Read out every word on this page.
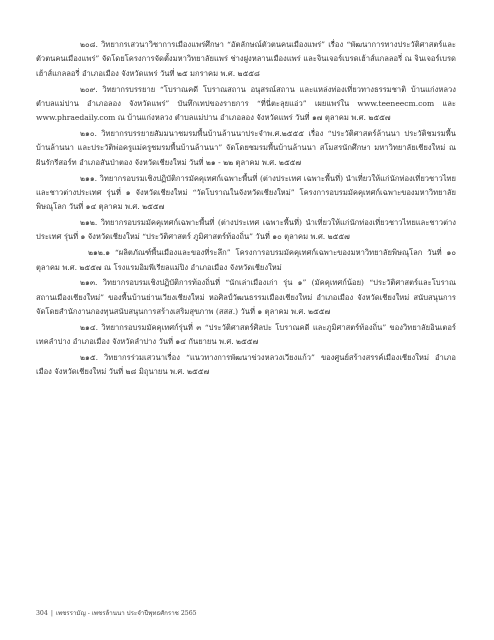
๒๐๘. วิทยากรเสวนาวิชาการเมืองแพร่ศึกษา “อัตลักษณ์ตัวตนคนเมืองแพร่” เรื่อง “พัฒนาการทางประวัติศาสตร์และตัวตนคนเมืองแพร่” จัดโดยโครงการจัดตั้งมหาวิทยาลัยแพร่ ช่างฝูงหลานเมืองแพร่ และจินเจอร์เบรดเฮ้าส์แกลลอรี่ ณ จินเจอร์เบรดเฮ้าส์แกลลอรี่ อำเภอเมือง จังหวัดแพร่ วันที่ ๒๕ มกราคม พ.ศ. ๒๕๕๘

๒๐๙. วิทยากรบรรยาย “โบราณคดี โบราณสถาน อนุสรณ์สถาน และแหล่งท่องเที่ยวทางธรรมชาติ บ้านแก่งหลวง ตำบลแม่ปาน อำเภอลอง จังหวัดแพร่” บันทึกเทปของรายการ “ที่นี่ตะลุยแอ่ว” เผยแพร่ใน www.teeneecm.com และ www.phraedaily.com ณ บ้านแก่งหลวง ตำบลแม่ปาน อำเภอลอง จังหวัดแพร่ วันที่ ๑๗ ตุลาคม พ.ศ. ๒๕๕๗

๒๑๐. วิทยากรบรรยายสัมมนาชมรมพื้นบ้านล้านนาประจำพ.ศ.๒๕๕๕ เรื่อง “ประวัติศาสตร์ล้านนา ประวัติชมรมพื้นบ้านล้านนา และประวัติพ่อครูแม่ครูชมรมพื้นบ้านล้านนา” จัดโดยชมรมพื้นบ้านล้านนา สโมสรนักศึกษา มหาวิทยาลัยเชียงใหม่ ณ ฝันรักรีสอร์ท อำเภอสันป่าตอง จังหวัดเชียงใหม่ วันที่ ๒๑ - ๒๒ ตุลาคม พ.ศ. ๒๕๕๗

๒๑๑. วิทยากรอบรมเชิงปฏิบัติการมัคคุเทศก์เฉพาะพื้นที่ (ต่างประเทศ เฉพาะพื้นที่) นำเที่ยวให้แก่นักท่องเที่ยวชาวไทยและชาวต่างประเทศ รุ่นที่ ๑ จังหวัดเชียงใหม่ “วัดโบราณในจังหวัดเชียงใหม่” โครงการอบรมมัคคุเทศก์เฉพาะของมหาวิทยาลัยพิษณุโลก วันที่ ๑๔ ตุลาคม พ.ศ. ๒๕๕๗

๒๑๒. วิทยากรอบรมมัคคุเทศก์เฉพาะพื้นที่ (ต่างประเทศ เฉพาะพื้นที่) นำเที่ยวให้แก่นักท่องเที่ยวชาวไทยและชาวต่างประเทศ รุ่นที่ ๑ จังหวัดเชียงใหม่ “ประวัติศาสตร์ ภูมิศาสตร์ท้องถิ่น” วันที่ ๑๐ ตุลาคม พ.ศ. ๒๕๕๗

๒๑๒.๑ “ผลิตภัณฑ์พื้นเมืองและของที่ระลึก” โครงการอบรมมัคคุเทศก์เฉพาะของมหาวิทยาลัยพิษณุโลก วันที่ ๑๐ ตุลาคม พ.ศ. ๒๕๕๗ ณ โรงแรมอิมพีเรียลแม่ปิง อำเภอเมือง จังหวัดเชียงใหม่

๒๑๓. วิทยากรอบรมเชิงปฏิบัติการท้องถิ่นที่ “นักเล่าเมืองเก่า รุ่น ๑” (มัคคุเทศก์น้อย) “ประวัติศาสตร์และโบราณสถานเมืองเชียงใหม่” ของพื้นบ้านย่านเวียงเชียงใหม่ หอศิลป์วัฒนธรรมเมืองเชียงใหม่ อำเภอเมือง จังหวัดเชียงใหม่ สนับสนุนการจัดโดยสำนักงานกองทุนสนับสนุนการสร้างเสริมสุขภาพ (สสส.) วันที่ ๑ ตุลาคม พ.ศ. ๒๕๕๗

๒๑๔. วิทยากรอบรมมัคคุเทศก์รุ่นที่ ๓ “ประวัติศาสตร์ศิลปะ โบราณคดี และภูมิศาสตร์ท้องถิ่น” ของวิทยาลัยอินเตอร์เทคลำปาง อำเภอเมือง จังหวัดลำปาง วันที่ ๑๔ กันยายน พ.ศ. ๒๕๕๗

๒๑๕. วิทยากรร่วมเสวนาเรื่อง “แนวทางการพัฒนาข่วงหลวงเวียงแก้ว” ของศูนย์สร้างสรรค์เมืองเชียงใหม่ อำเภอเมือง จังหวัดเชียงใหม่ วันที่ ๒๘ มิถุนายน พ.ศ. ๒๕๕๗

304 | เพชรรามัญ - เพชรล้านนา ประจำปีพุทธศักราช 2565
